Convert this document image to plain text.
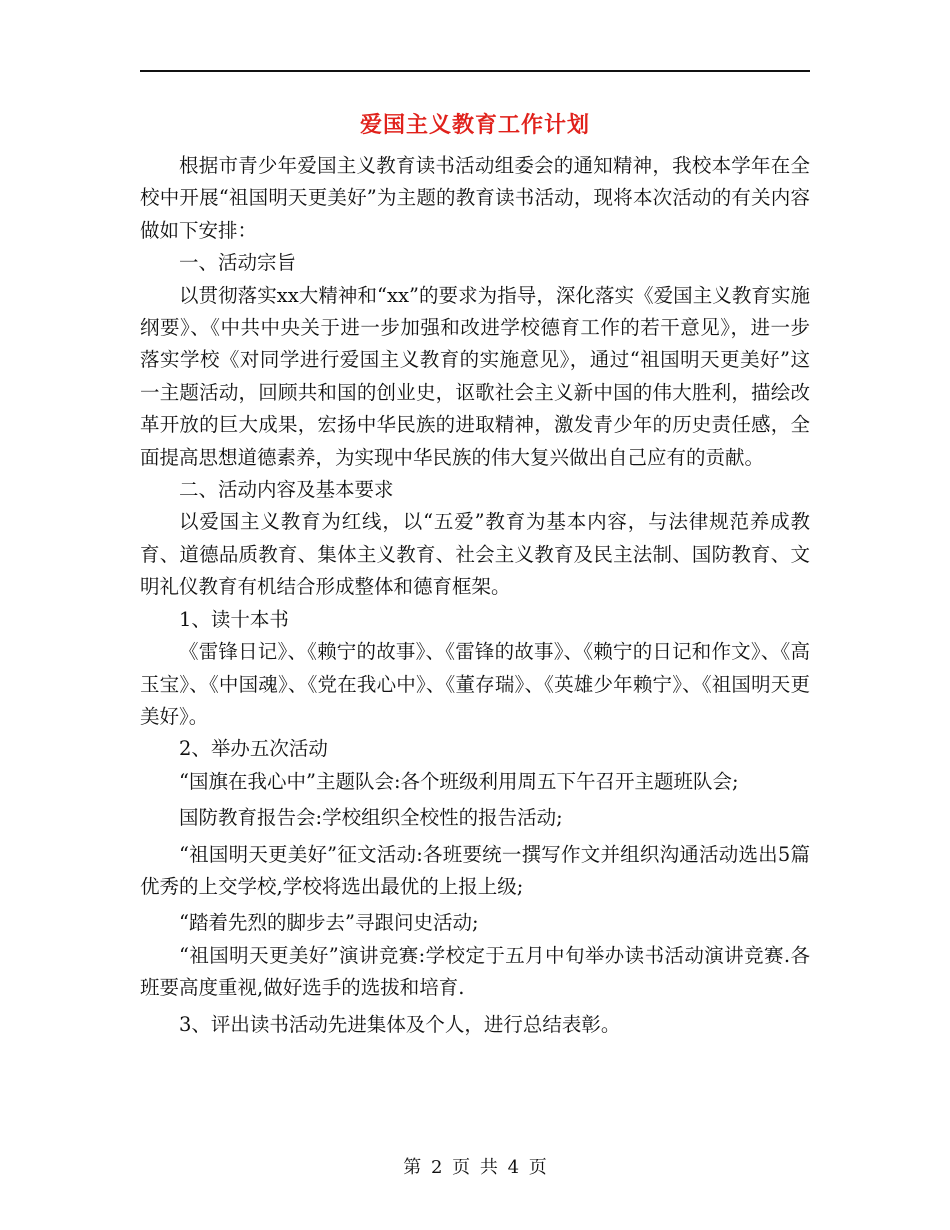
爱国主义教育工作计划

根据市青少年爱国主义教育读书活动组委会的通知精神，我校本学年在全校中开展“祖国明天更美好”为主题的教育读书活动，现将本次活动的有关内容做如下安排：

一、活动宗旨

以贯彻落实xx大精神和“xx”的要求为指导，深化落实《爱国主义教育实施纲要》、《中共中央关于进一步加强和改进学校德育工作的若干意见》，进一步落实学校《对同学进行爱国主义教育的实施意见》，通过“祖国明天更美好”这一主题活动，回顾共和国的创业史，讴歌社会主义新中国的伟大胜利，描绘改革开放的巨大成果，宏扬中华民族的进取精神，激发青少年的历史责任感，全面提高思想道德素养，为实现中华民族的伟大复兴做出自己应有的贡献。

二、活动内容及基本要求

以爱国主义教育为红线，以“五爱”教育为基本内容，与法律规范养成教育、道德品质教育、集体主义教育、社会主义教育及民主法制、国防教育、文明礼仪教育有机结合形成整体和德育框架。

1、读十本书

《雷锋日记》、《赖宁的故事》、《雷锋的故事》、《赖宁的日记和作文》、《高玉宝》、《中国魂》、《党在我心中》、《董存瑞》、《英雄少年赖宁》、《祖国明天更美好》。

2、举办五次活动

“国旗在我心中”主题队会:各个班级利用周五下午召开主题班队会;

国防教育报告会:学校组织全校性的报告活动;

“祖国明天更美好”征文活动:各班要统一撰写作文并组织沟通活动选出5篇优秀的上交学校,学校将选出最优的上报上级;

“踏着先烈的脚步去”寻跟问史活动;

“祖国明天更美好”演讲竞赛:学校定于五月中旬举办读书活动演讲竞赛.各班要高度重视,做好选手的选拔和培育.

3、评出读书活动先进集体及个人，进行总结表彰。

第 2 页 共 4 页
